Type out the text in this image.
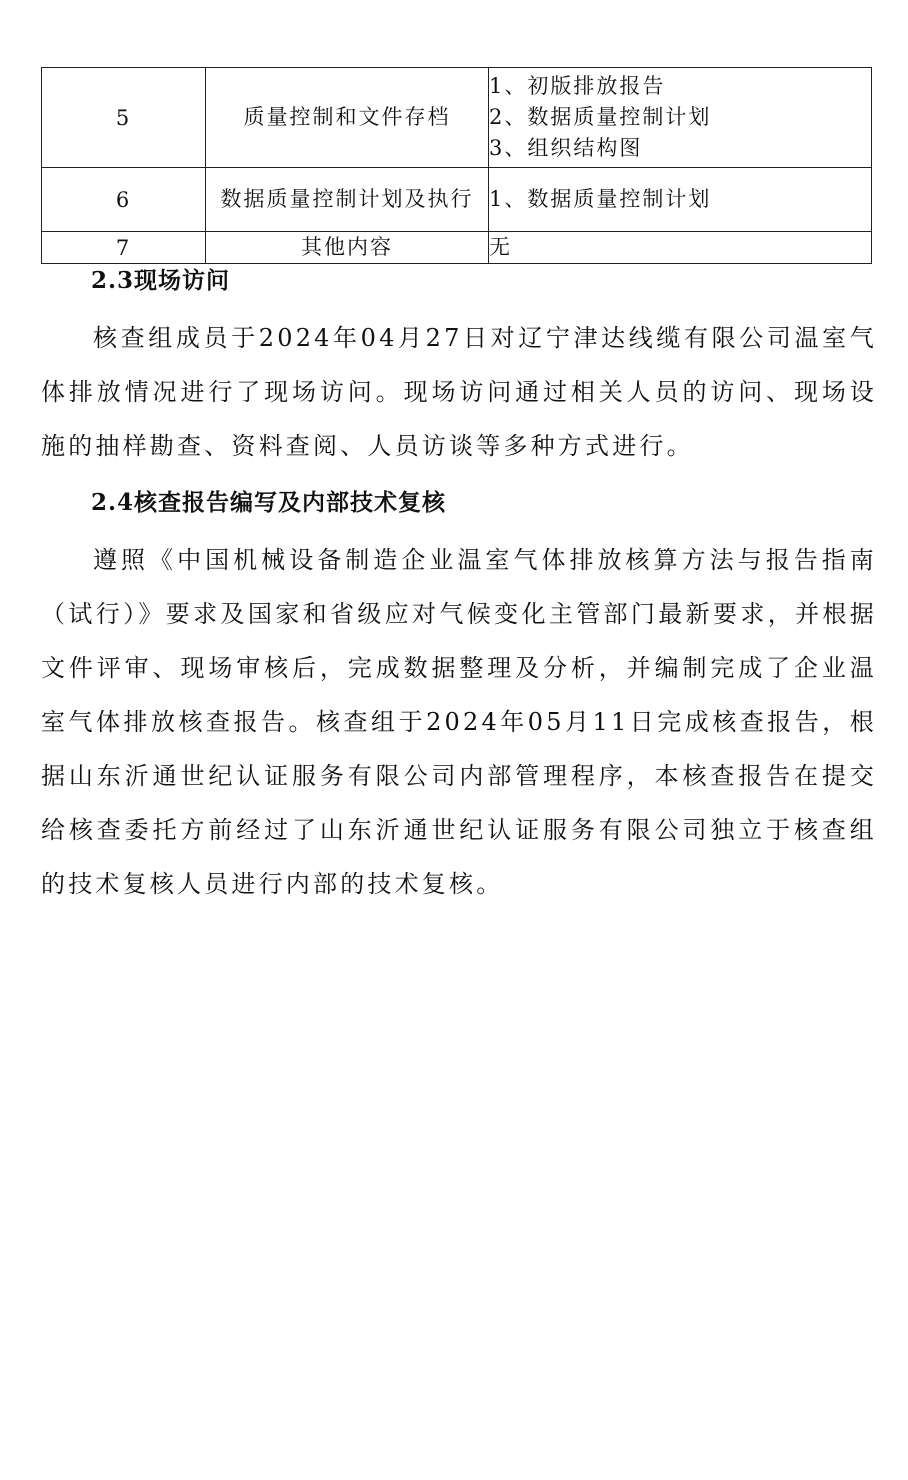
5	质量控制和文件存档	1、初版排放报告
2、数据质量控制计划
3、组织结构图

6	数据质量控制计划及执行	1、数据质量控制计划

7	其他内容	无
2.3现场访问

核查组成员于2024年04月27日对辽宁津达线缆有限公司温室气体排放情况进行了现场访问。现场访问通过相关人员的访问、现场设施的抽样勘查、资料查阅、人员访谈等多种方式进行。

2.4核查报告编写及内部技术复核

遵照《中国机械设备制造企业温室气体排放核算方法与报告指南（试行）》要求及国家和省级应对气候变化主管部门最新要求，并根据文件评审、现场审核后，完成数据整理及分析，并编制完成了企业温室气体排放核查报告。核查组于2024年05月11日完成核查报告，根据山东沂通世纪认证服务有限公司内部管理程序，本核查报告在提交给核查委托方前经过了山东沂通世纪认证服务有限公司独立于核查组的技术复核人员进行内部的技术复核。
